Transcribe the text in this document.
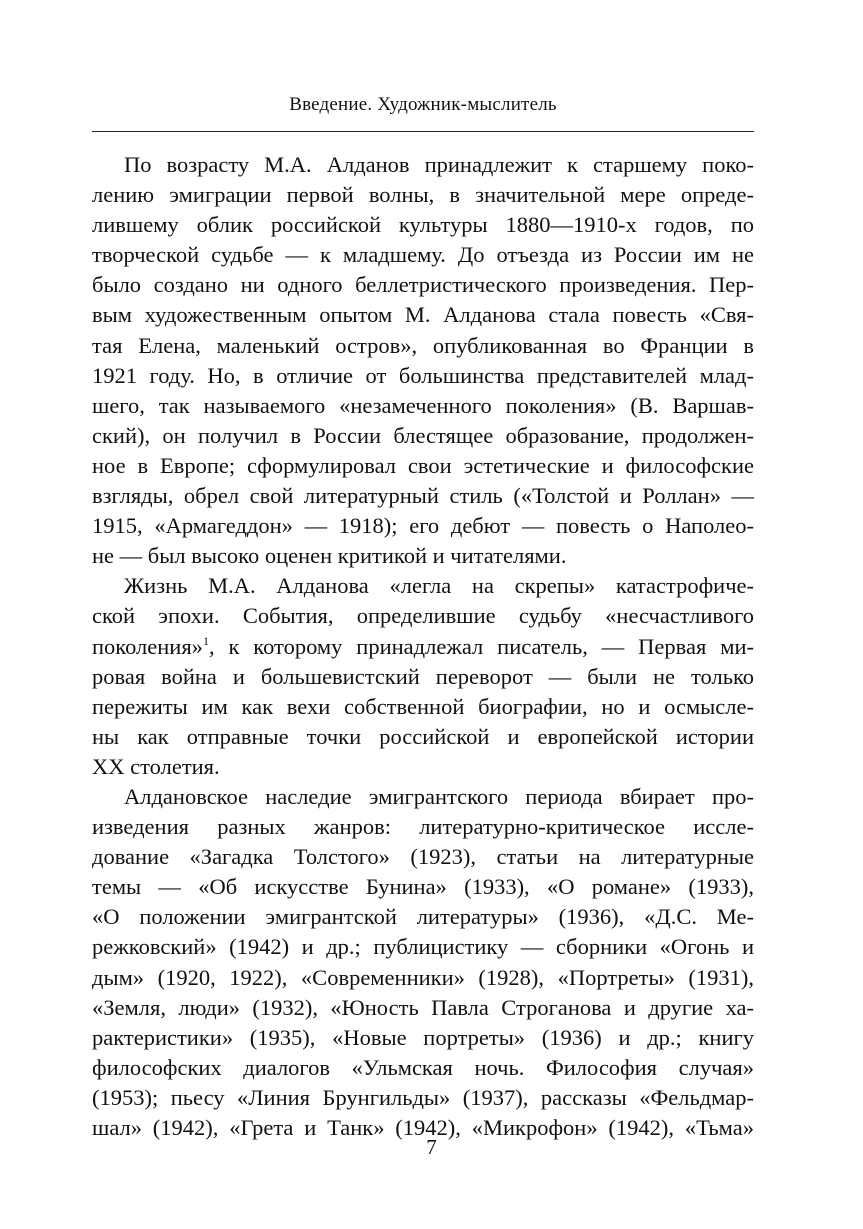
Введение. Художник-мыслитель
По возрасту М.А. Алданов принадлежит к старшему поко-
лению эмиграции первой волны, в значительной мере опреде-
лившему облик российской культуры 1880—1910-х годов, по
творческой судьбе — к младшему. До отъезда из России им не
было создано ни одного беллетристического произведения. Пер-
вым художественным опытом М. Алданова стала повесть «Свя-
тая Елена, маленький остров», опубликованная во Франции в
1921 году. Но, в отличие от большинства представителей млад-
шего, так называемого «незамеченного поколения» (В. Варшав-
ский), он получил в России блестящее образование, продолжен-
ное в Европе; сформулировал свои эстетические и философские
взгляды, обрел свой литературный стиль («Толстой и Роллан» —
1915, «Армагеддон» — 1918); его дебют — повесть о Наполео-
не — был высоко оценен критикой и читателями.
Жизнь М.А. Алданова «легла на скрепы» катастрофиче-
ской эпохи. События, определившие судьбу «несчастливого
поколения»$^1$, к которому принадлежал писатель, — Первая ми-
ровая война и большевистский переворот — были не только
пережиты им как вехи собственной биографии, но и осмысле-
ны как отправные точки российской и европейской истории
XX столетия.
Алдановское наследие эмигрантского периода вбирает про-
изведения разных жанров: литературно-критическое иссле-
дование «Загадка Толстого» (1923), статьи на литературные
темы — «Об искусстве Бунина» (1933), «О романе» (1933),
«О положении эмигрантской литературы» (1936), «Д.С. Ме-
режковский» (1942) и др.; публицистику — сборники «Огонь и
дым» (1920, 1922), «Современники» (1928), «Портреты» (1931),
«Земля, люди» (1932), «Юность Павла Строганова и другие ха-
рактеристики» (1935), «Новые портреты» (1936) и др.; книгу
философских диалогов «Ульмская ночь. Философия случая»
(1953); пьесу «Линия Брунгильды» (1937), рассказы «Фельдмар-
шал» (1942), «Грета и Танк» (1942), «Микрофон» (1942), «Тьма»
7
